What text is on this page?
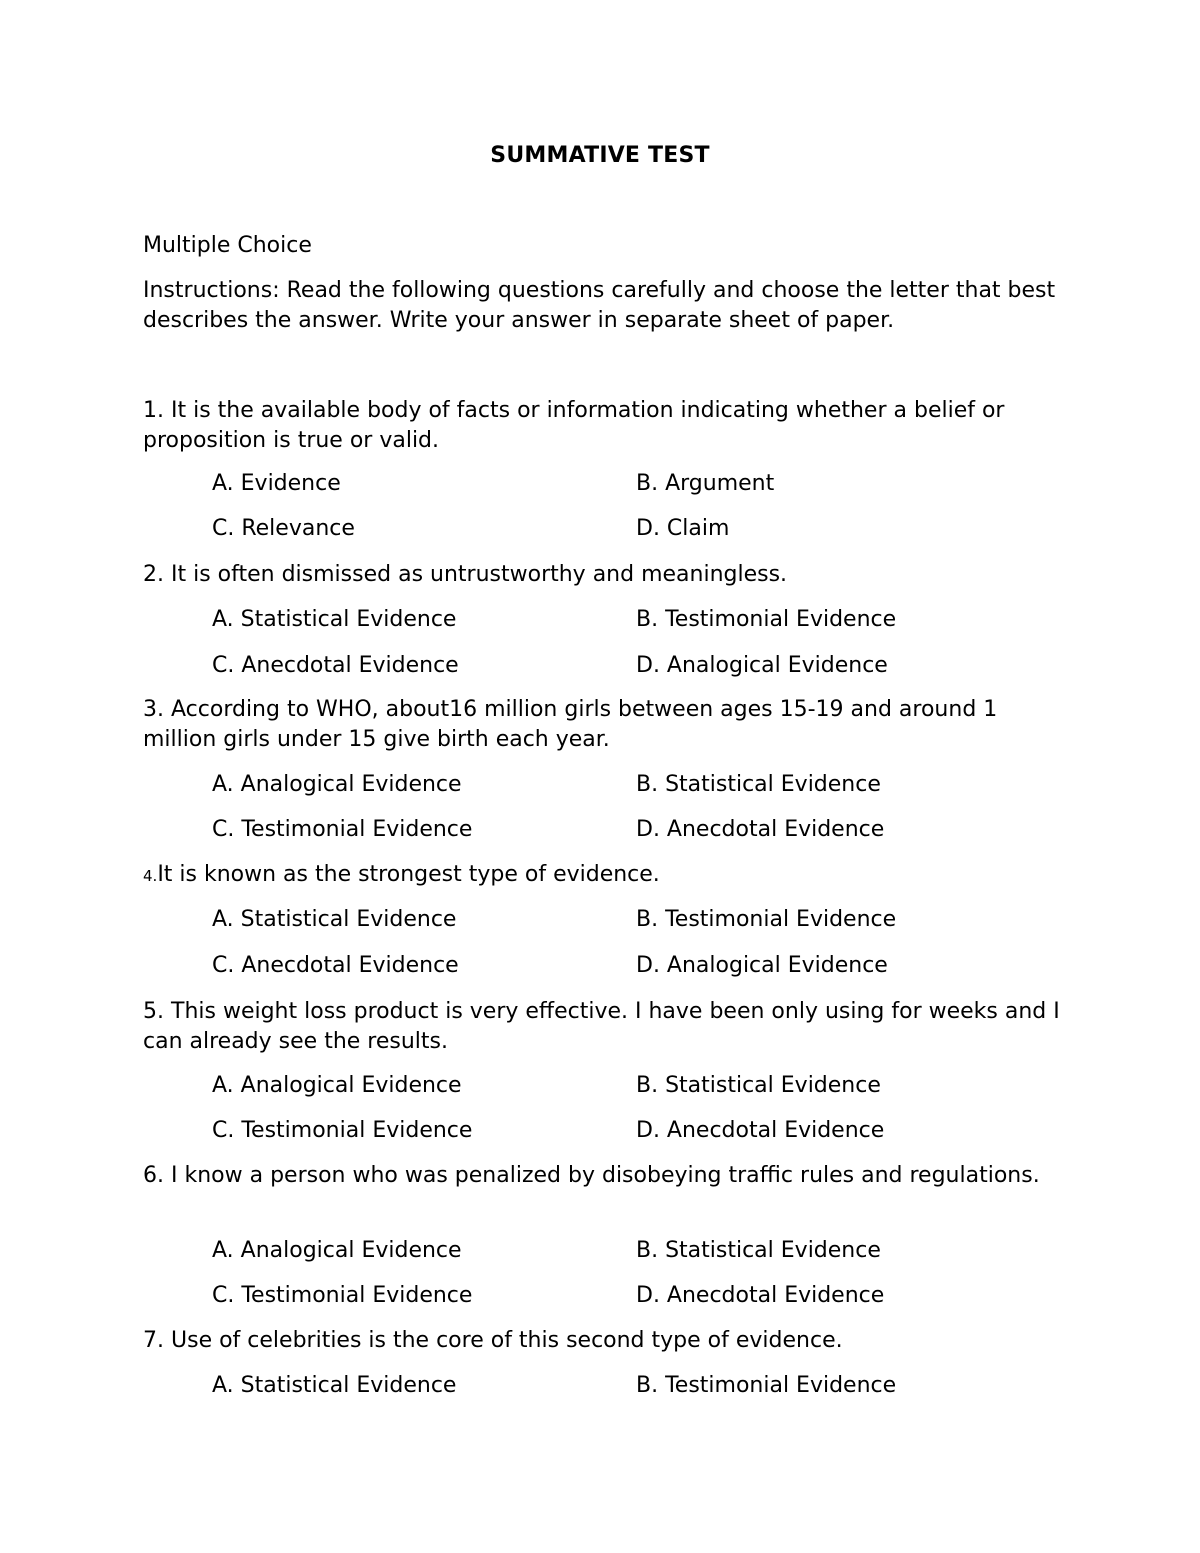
SUMMATIVE TEST
Multiple Choice
Instructions: Read the following questions carefully and choose the letter that best describes the answer. Write your answer in separate sheet of paper.
1. It is the available body of facts or information indicating whether a belief or proposition is true or valid.
A. Evidence	B. Argument
C. Relevance	D. Claim
2. It is often dismissed as untrustworthy and meaningless.
A. Statistical Evidence	B. Testimonial Evidence
C. Anecdotal Evidence	D. Analogical Evidence
3. According to WHO, about16 million girls between ages 15-19 and around 1 million girls under 15 give birth each year.
A. Analogical Evidence	B. Statistical Evidence
C. Testimonial Evidence	D. Anecdotal Evidence
4.It is known as the strongest type of evidence.
A. Statistical Evidence	B. Testimonial Evidence
C. Anecdotal Evidence	D. Analogical Evidence
5. This weight loss product is very effective. I have been only using for weeks and I can already see the results.
A. Analogical Evidence	B. Statistical Evidence
C. Testimonial Evidence	D. Anecdotal Evidence
6. I know a person who was penalized by disobeying traffic rules and regulations.
A. Analogical Evidence	B. Statistical Evidence
C. Testimonial Evidence	D. Anecdotal Evidence
7. Use of celebrities is the core of this second type of evidence.
A. Statistical Evidence	B. Testimonial Evidence
